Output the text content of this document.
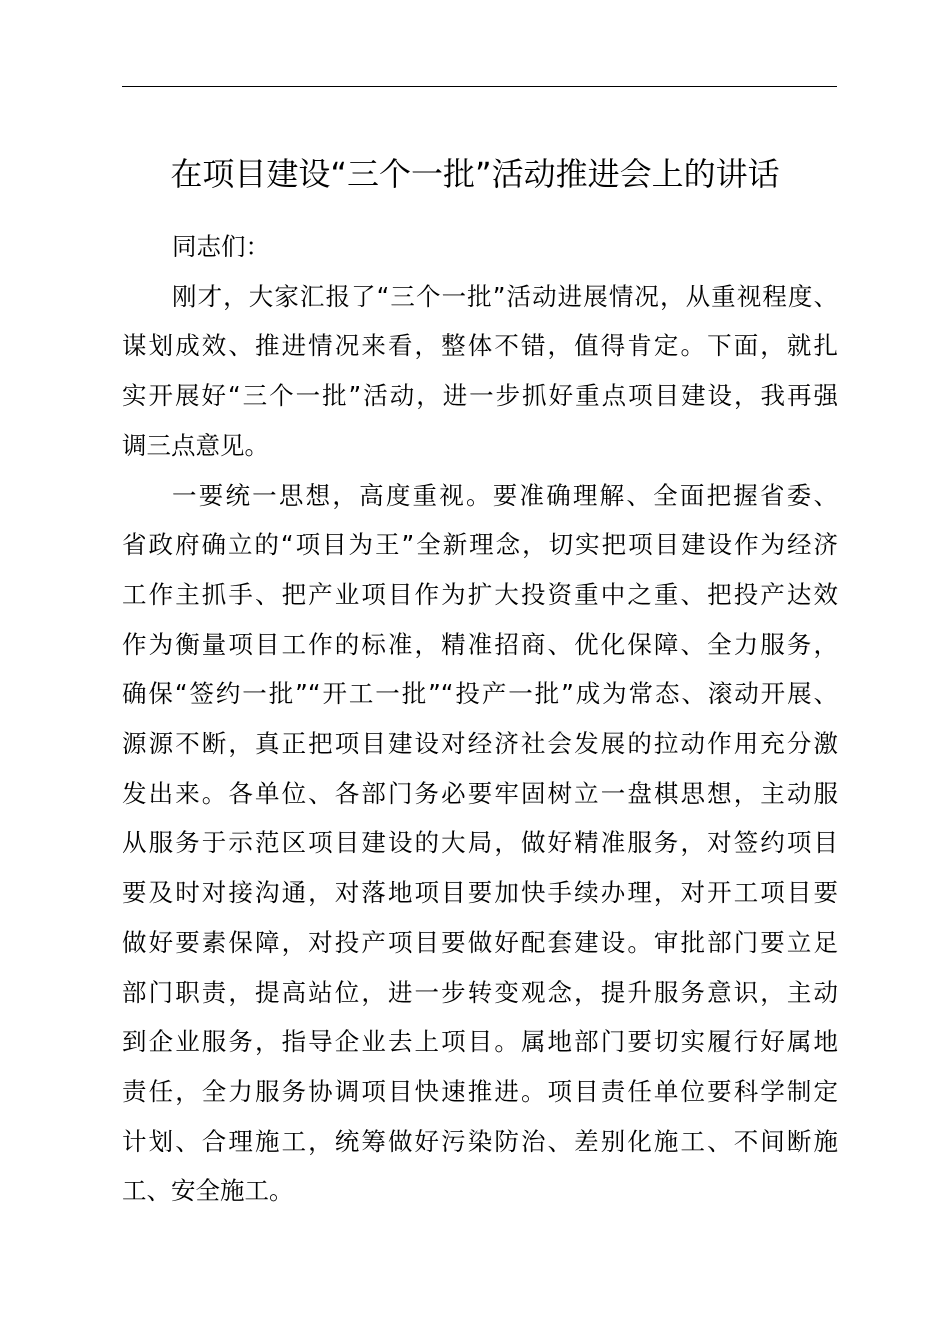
在项目建设“三个一批”活动推进会上的讲话
同志们：
刚才，大家汇报了“三个一批”活动进展情况，从重视程度、
谋划成效、推进情况来看，整体不错，值得肯定。下面，就扎
实开展好“三个一批”活动，进一步抓好重点项目建设，我再强
调三点意见。
一要统一思想，高度重视。要准确理解、全面把握省委、
省政府确立的“项目为王”全新理念，切实把项目建设作为经济
工作主抓手、把产业项目作为扩大投资重中之重、把投产达效
作为衡量项目工作的标准，精准招商、优化保障、全力服务，
确保“签约一批”“开工一批”“投产一批”成为常态、滚动开展、
源源不断，真正把项目建设对经济社会发展的拉动作用充分激
发出来。各单位、各部门务必要牢固树立一盘棋思想，主动服
从服务于示范区项目建设的大局，做好精准服务，对签约项目
要及时对接沟通，对落地项目要加快手续办理，对开工项目要
做好要素保障，对投产项目要做好配套建设。审批部门要立足
部门职责，提高站位，进一步转变观念，提升服务意识，主动
到企业服务，指导企业去上项目。属地部门要切实履行好属地
责任，全力服务协调项目快速推进。项目责任单位要科学制定
计划、合理施工，统筹做好污染防治、差别化施工、不间断施
工、安全施工。
